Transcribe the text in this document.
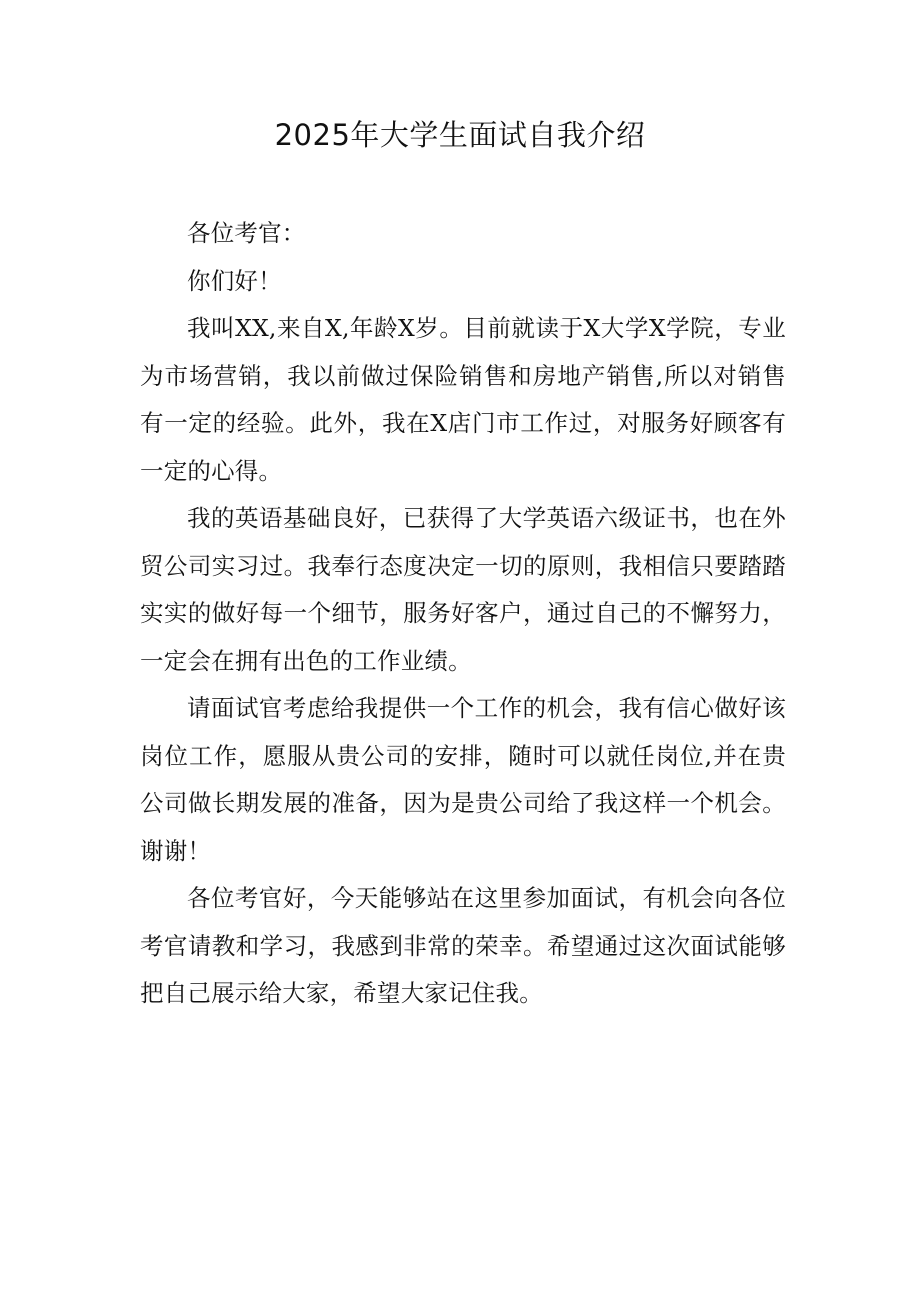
2025年大学生面试自我介绍

各位考官：

你们好！

我叫XX,来自X,年龄X岁。目前就读于X大学X学院，专业为市场营销，我以前做过保险销售和房地产销售,所以对销售有一定的经验。此外，我在X店门市工作过，对服务好顾客有一定的心得。

我的英语基础良好，已获得了大学英语六级证书，也在外贸公司实习过。我奉行态度决定一切的原则，我相信只要踏踏实实的做好每一个细节，服务好客户，通过自己的不懈努力，一定会在拥有出色的工作业绩。

请面试官考虑给我提供一个工作的机会，我有信心做好该岗位工作，愿服从贵公司的安排，随时可以就任岗位,并在贵公司做长期发展的准备，因为是贵公司给了我这样一个机会。谢谢！

各位考官好，今天能够站在这里参加面试，有机会向各位考官请教和学习，我感到非常的荣幸。希望通过这次面试能够把自己展示给大家，希望大家记住我。
